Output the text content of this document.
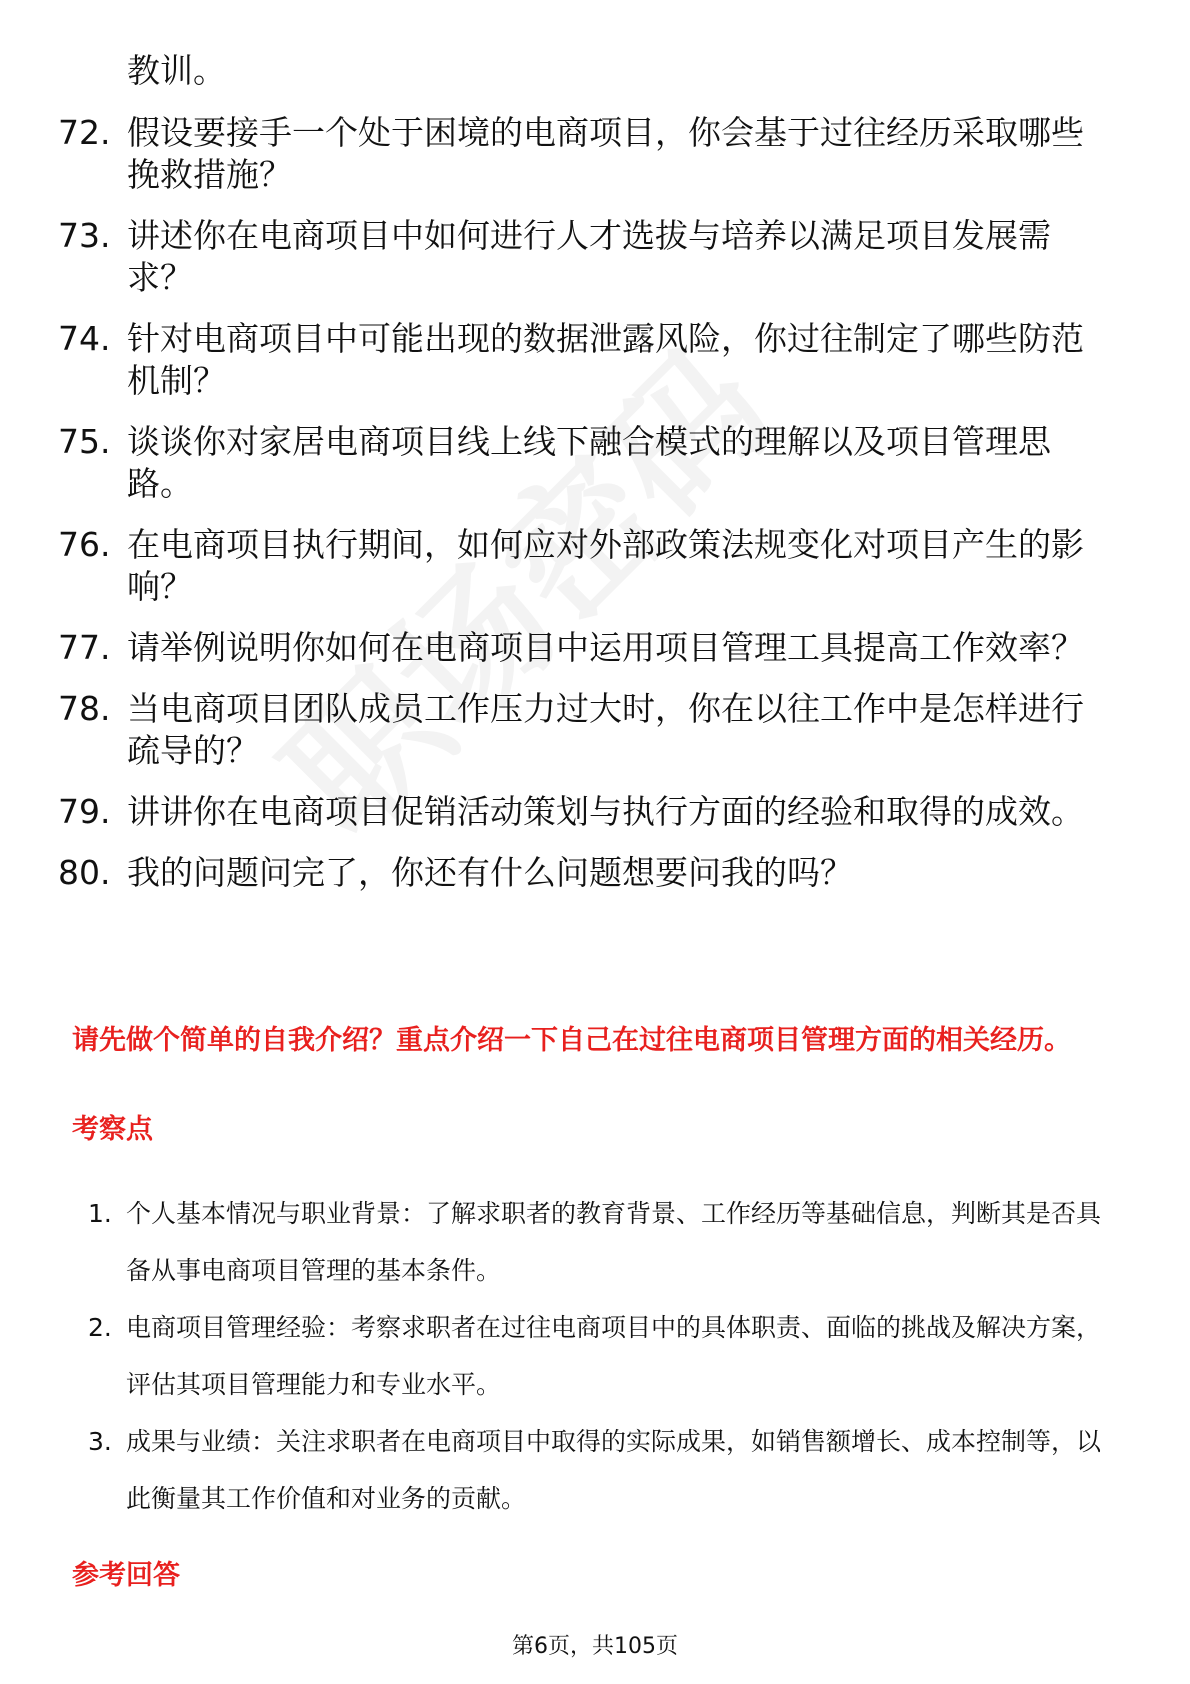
教训。
72. 假设要接手一个处于困境的电商项目，你会基于过往经历采取哪些挽救措施？
73. 讲述你在电商项目中如何进行人才选拔与培养以满足项目发展需求？
74. 针对电商项目中可能出现的数据泄露风险，你过往制定了哪些防范机制？
75. 谈谈你对家居电商项目线上线下融合模式的理解以及项目管理思路。
76. 在电商项目执行期间，如何应对外部政策法规变化对项目产生的影响？
77. 请举例说明你如何在电商项目中运用项目管理工具提高工作效率？
78. 当电商项目团队成员工作压力过大时，你在以往工作中是怎样进行疏导的？
79. 讲讲你在电商项目促销活动策划与执行方面的经验和取得的成效。
80. 我的问题问完了，你还有什么问题想要问我的吗？
请先做个简单的自我介绍？重点介绍一下自己在过往电商项目管理方面的相关经历。
考察点
1. 个人基本情况与职业背景：了解求职者的教育背景、工作经历等基础信息，判断其是否具备从事电商项目管理的基本条件。
2. 电商项目管理经验：考察求职者在过往电商项目中的具体职责、面临的挑战及解决方案，评估其项目管理能力和专业水平。
3. 成果与业绩：关注求职者在电商项目中取得的实际成果，如销售额增长、成本控制等，以此衡量其工作价值和对业务的贡献。
参考回答
第6页，共105页
